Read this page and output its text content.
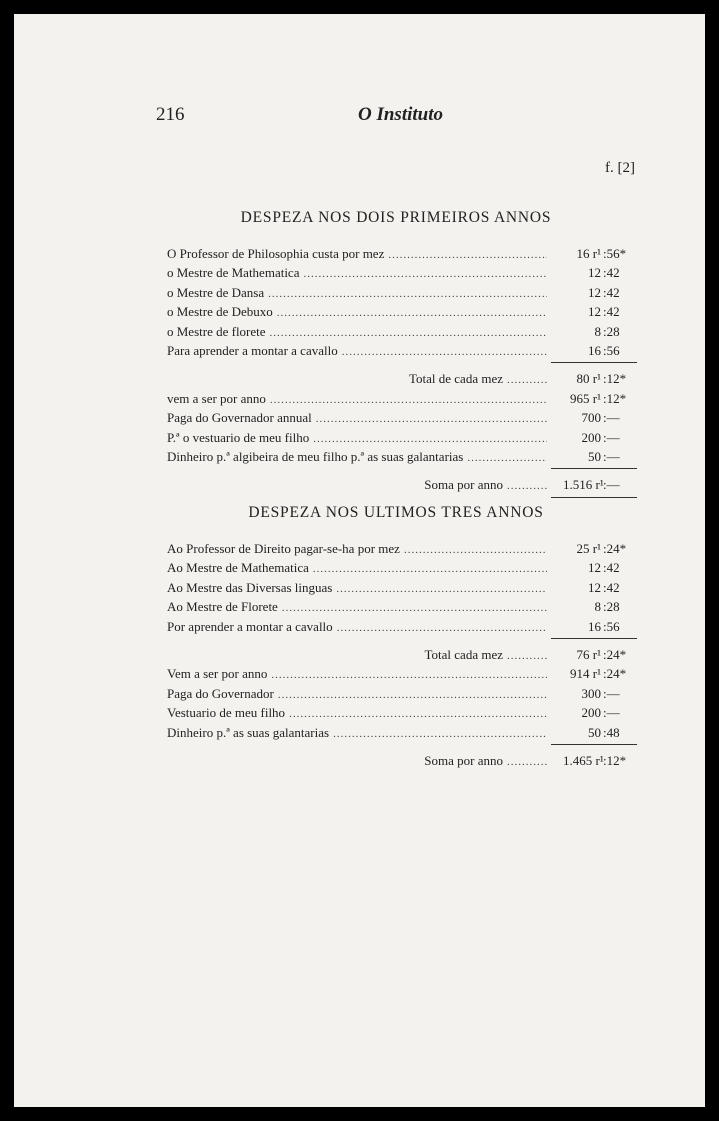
216	O Instituto
f. [2]
DESPEZA NOS DOIS PRIMEIROS ANNOS
O Professor de Philosophia custa por mez .....	16 r¹ :56*
o Mestre de Mathematica .....	12 :42
o Mestre de Dansa .....	12 :42
o Mestre de Debuxo .....	12 :42
o Mestre de florete .....	8 :28
Para aprender a montar a cavallo .....	16 :56
Total de cada mez .....	80 r¹ :12*
vem a ser por anno .....	965 r¹ :12*
Paga do Governador annual .....	700 :—
P.ª o vestuario de meu filho .....	200 :—
Dinheiro p.ª algibeira de meu filho p.ª as suas galantarias .....	50 :—
Soma por anno .....	1.516 r¹ :—
DESPEZA NOS ULTIMOS TRES ANNOS
Ao Professor de Direito pagar-se-ha por mez .....	25 r¹ :24*
Ao Mestre de Mathematica .....	12 :42
Ao Mestre das Diversas linguas .....	12 :42
Ao Mestre de Florete .....	8 :28
Por aprender a montar a cavallo .....	16 :56
Total cada mez .....	76 r¹ :24*
Vem a ser por anno .....	914 r¹ :24*
Paga do Governador .....	300 :—
Vestuario de meu filho .....	200 :—
Dinheiro p.ª as suas galantarias .....	50 :48
Soma por anno .....	1.465 r¹ :12*
